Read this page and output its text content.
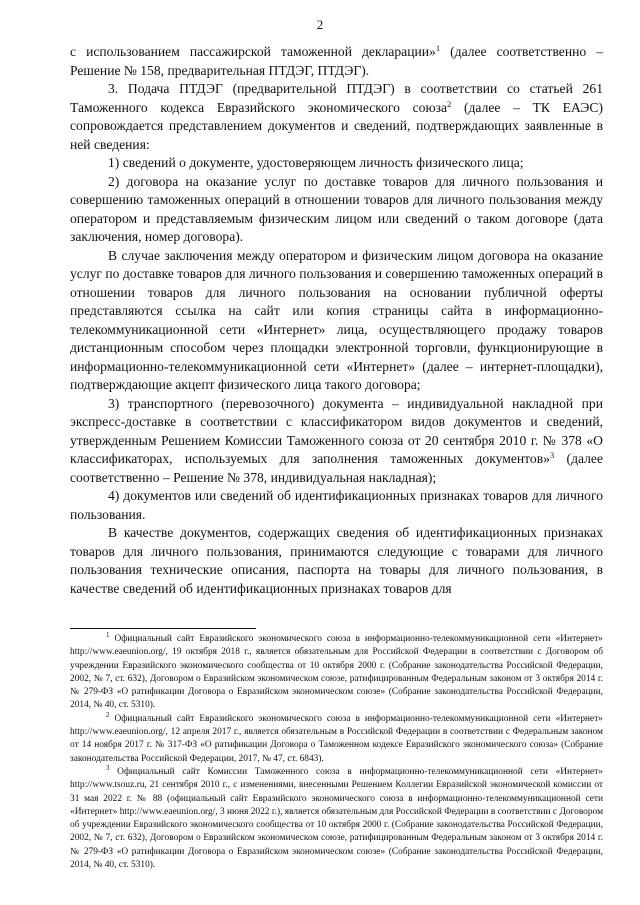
2

с использованием пассажирской таможенной декларации»$^1$ (далее соответственно – Решение № 158, предварительная ПТДЭГ, ПТДЭГ).

3. Подача ПТДЭГ (предварительной ПТДЭГ) в соответствии со статьей 261 Таможенного кодекса Евразийского экономического союза$^2$ (далее – ТК ЕАЭС) сопровождается представлением документов и сведений, подтверждающих заявленные в ней сведения:

1) сведений о документе, удостоверяющем личность физического лица;

2) договора на оказание услуг по доставке товаров для личного пользования и совершению таможенных операций в отношении товаров для личного пользования между оператором и представляемым физическим лицом или сведений о таком договоре (дата заключения, номер договора).

В случае заключения между оператором и физическим лицом договора на оказание услуг по доставке товаров для личного пользования и совершению таможенных операций в отношении товаров для личного пользования на основании публичной оферты представляются ссылка на сайт или копия страницы сайта в информационно-телекоммуникационной сети «Интернет» лица, осуществляющего продажу товаров дистанционным способом через площадки электронной торговли, функционирующие в информационно-телекоммуникационной сети «Интернет» (далее – интернет-площадки), подтверждающие акцепт физического лица такого договора;

3) транспортного (перевозочного) документа – индивидуальной накладной при экспресс-доставке в соответствии с классификатором видов документов и сведений, утвержденным Решением Комиссии Таможенного союза от 20 сентября 2010 г. № 378 «О классификаторах, используемых для заполнения таможенных документов»$^3$ (далее соответственно – Решение № 378, индивидуальная накладная);

4) документов или сведений об идентификационных признаках товаров для личного пользования.

В качестве документов, содержащих сведения об идентификационных признаках товаров для личного пользования, принимаются следующие с товарами для личного пользования технические описания, паспорта на товары для личного пользования, в качестве сведений об идентификационных признаках товаров для

$^1$ Официальный сайт Евразийского экономического союза в информационно-телекоммуникационной сети «Интернет» http://www.eaeunion.org/, 19 октября 2018 г., является обязательным для Российской Федерации в соответствии с Договором об учреждении Евразийского экономического сообщества от 10 октября 2000 г. (Собрание законодательства Российской Федерации, 2002, № 7, ст. 632), Договором о Евразийском экономическом союзе, ратифицированным Федеральным законом от 3 октября 2014 г. № 279-ФЗ «О ратификации Договора о Евразийском экономическом союзе» (Собрание законодательства Российской Федерации, 2014, № 40, ст. 5310).

$^2$ Официальный сайт Евразийского экономического союза в информационно-телекоммуникационной сети «Интернет» http://www.eaeunion.org/, 12 апреля 2017 г., является обязательным в Российской Федерации в соответствии с Федеральным законом от 14 ноября 2017 г. № 317-ФЗ «О ратификации Договора о Таможенном кодексе Евразийского экономического союза» (Собрание законодательства Российской Федерации, 2017, № 47, ст. 6843).

$^3$ Официальный сайт Комиссии Таможенного союза в информационно-телекоммуникационной сети «Интернет» http://www.tsouz.ru, 21 сентября 2010 г., с изменениями, внесенными Решением Коллегии Евразийской экономической комиссии от 31 мая 2022 г. № 88 (официальный сайт Евразийского экономического союза в информационно-телекоммуникационной сети «Интернет» http://www.eaeunion.org/, 3 июня 2022 г.), является обязательным для Российской Федерации в соответствии с Договором об учреждении Евразийского экономического сообщества от 10 октября 2000 г. (Собрание законодательства Российской Федерации, 2002, № 7, ст. 632), Договором о Евразийском экономическом союзе, ратифицированным Федеральным законом от 3 октября 2014 г. № 279-ФЗ «О ратификации Договора о Евразийском экономическом союзе» (Собрание законодательства Российской Федерации, 2014, № 40, ст. 5310).
